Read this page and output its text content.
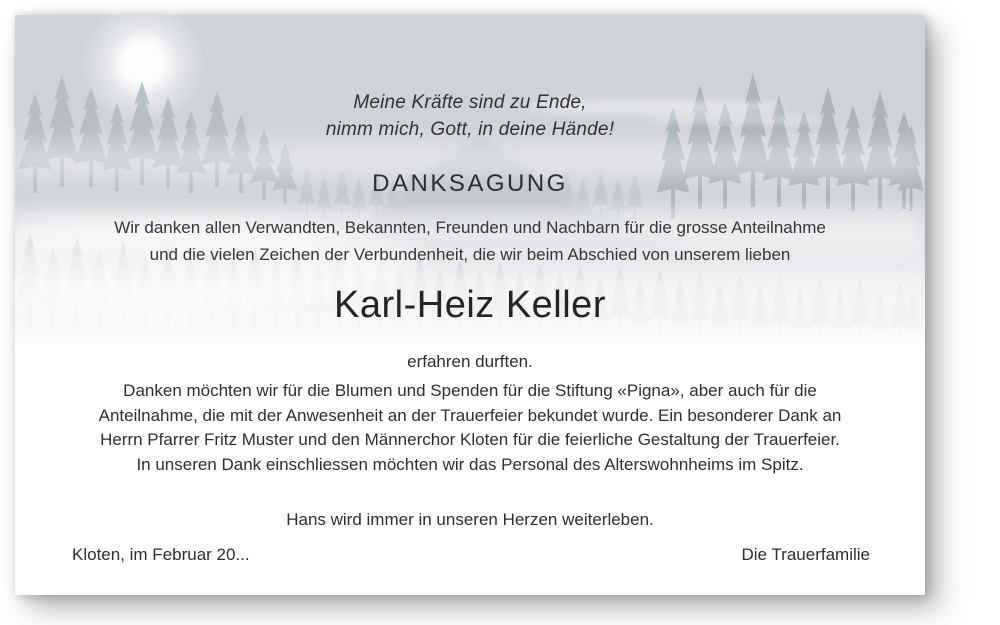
Meine Kräfte sind zu Ende,
nimm mich, Gott, in deine Hände!
DANKSAGUNG
Wir danken allen Verwandten, Bekannten, Freunden und Nachbarn für die grosse Anteilnahme
und die vielen Zeichen der Verbundenheit, die wir beim Abschied von unserem lieben
Karl-Heiz Keller
erfahren durften.
Danken möchten wir für die Blumen und Spenden für die Stiftung «Pigna», aber auch für die
Anteilnahme, die mit der Anwesenheit an der Trauerfeier bekundet wurde. Ein besonderer Dank an
Herrn Pfarrer Fritz Muster und den Männerchor Kloten für die feierliche Gestaltung der Trauerfeier.
In unseren Dank einschliessen möchten wir das Personal des Alterswohnheims im Spitz.
Hans wird immer in unseren Herzen weiterleben.
Kloten, im Februar 20...	Die Trauerfamilie
